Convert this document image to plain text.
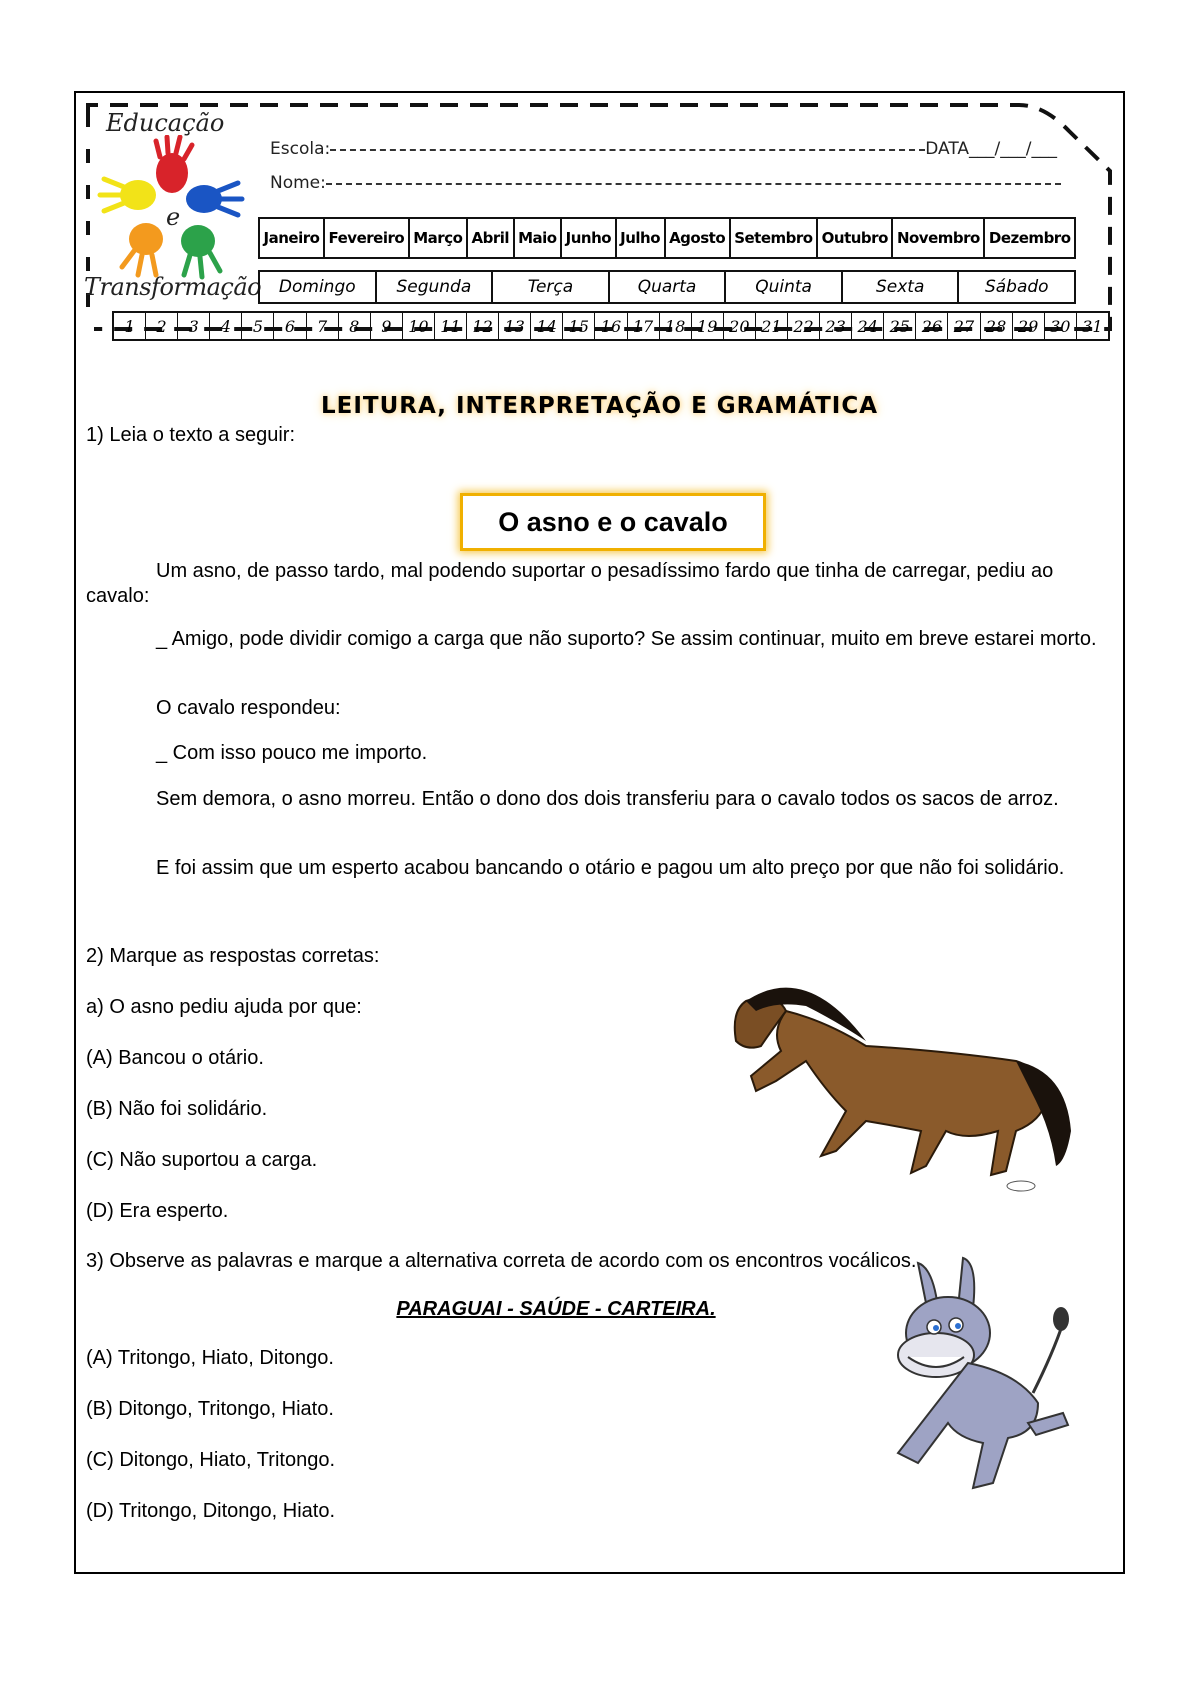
Educação
e
Transformação
Escola:	DATA___/___/___
Nome:
Janeiro Fevereiro Março Abril Maio Junho Julho Agosto Setembro Outubro Novembro Dezembro
Domingo	Segunda	Terça	Quarta	Quinta	Sexta	Sábado
1	2	3	4	5	6	7	8	9	10 11 12 13 14 15 16 17 18 19 20 21 22 23 24 25 26 27 28 29 30 31
LEITURA, INTERPRETAÇÃO E GRAMÁTICA
1) Leia o texto a seguir:
O asno e o cavalo
Um asno, de passo tardo, mal podendo suportar o pesadíssimo fardo que tinha de carregar, pediu ao cavalo:
_ Amigo, pode dividir comigo a carga que não suporto? Se assim continuar, muito em breve estarei morto.
O cavalo respondeu:
_ Com isso pouco me importo.
Sem demora, o asno morreu. Então o dono dos dois transferiu para o cavalo todos os sacos de arroz.
E foi assim que um esperto acabou bancando o otário e pagou um alto preço por que não foi solidário.
2) Marque as respostas corretas:
a) O asno pediu ajuda por que:
(A) Bancou o otário.
(B) Não foi solidário.
(C) Não suportou a carga.
(D) Era esperto.
3) Observe as palavras e marque a alternativa correta de acordo com os encontros vocálicos.
PARAGUAI - SAÚDE - CARTEIRA.
(A) Tritongo, Hiato, Ditongo.
(B) Ditongo, Tritongo, Hiato.
(C) Ditongo, Hiato, Tritongo.
(D) Tritongo, Ditongo, Hiato.
